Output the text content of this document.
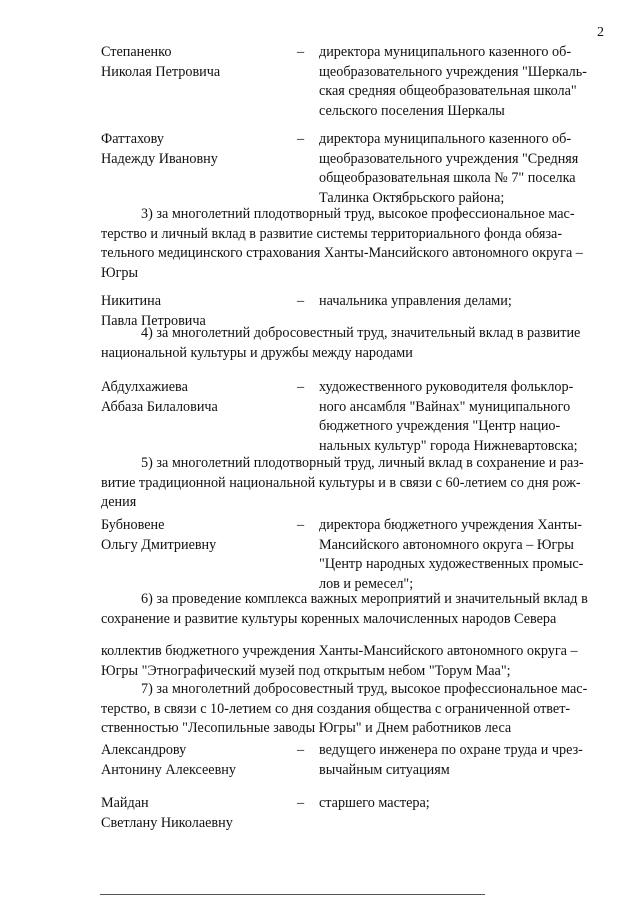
2
Степаненко
Николая Петровича
– директора муниципального казенного об-
щеобразовательного учреждения "Шеркаль-
ская средняя общеобразовательная школа"
сельского поселения Шеркалы
Фаттахову
Надежду Ивановну
– директора муниципального казенного об-
щеобразовательного учреждения "Средняя
общеобразовательная школа № 7" поселка
Талинка Октябрьского района;
3) за многолетний плодотворный труд, высокое профессиональное мас-
терство и личный вклад в развитие системы территориального фонда обяза-
тельного медицинского страхования Ханты-Мансийского автономного округа –
Югры
Никитина
Павла Петровича
– начальника управления делами;
4) за многолетний добросовестный труд, значительный вклад в развитие
национальной культуры и дружбы между народами
Абдулхажиева
Аббаза Билаловича
– художественного руководителя фольклор-
ного ансамбля "Вайнах" муниципального
бюджетного учреждения "Центр нацио-
нальных культур" города Нижневартовска;
5) за многолетний плодотворный труд, личный вклад в сохранение и раз-
витие традиционной национальной культуры и в связи с 60-летием со дня рож-
дения
Бубновене
Ольгу Дмитриевну
– директора бюджетного учреждения Ханты-
Мансийского автономного округа – Югры
"Центр народных художественных промыс-
лов и ремесел";
6) за проведение комплекса важных мероприятий и значительный вклад в
сохранение и развитие культуры коренных малочисленных народов Севера
коллектив бюджетного учреждения Ханты-Мансийского автономного округа –
Югры "Этнографический музей под открытым небом "Торум Маа";
7) за многолетний добросовестный труд, высокое профессиональное мас-
терство, в связи с 10-летием со дня создания общества с ограниченной ответ-
ственностью "Лесопильные заводы Югры" и Днем работников леса
Александрову
Антонину Алексеевну
– ведущего инженера по охране труда и чрез-
вычайным ситуациям
Майдан
Светлану Николаевну
– старшего мастера;
